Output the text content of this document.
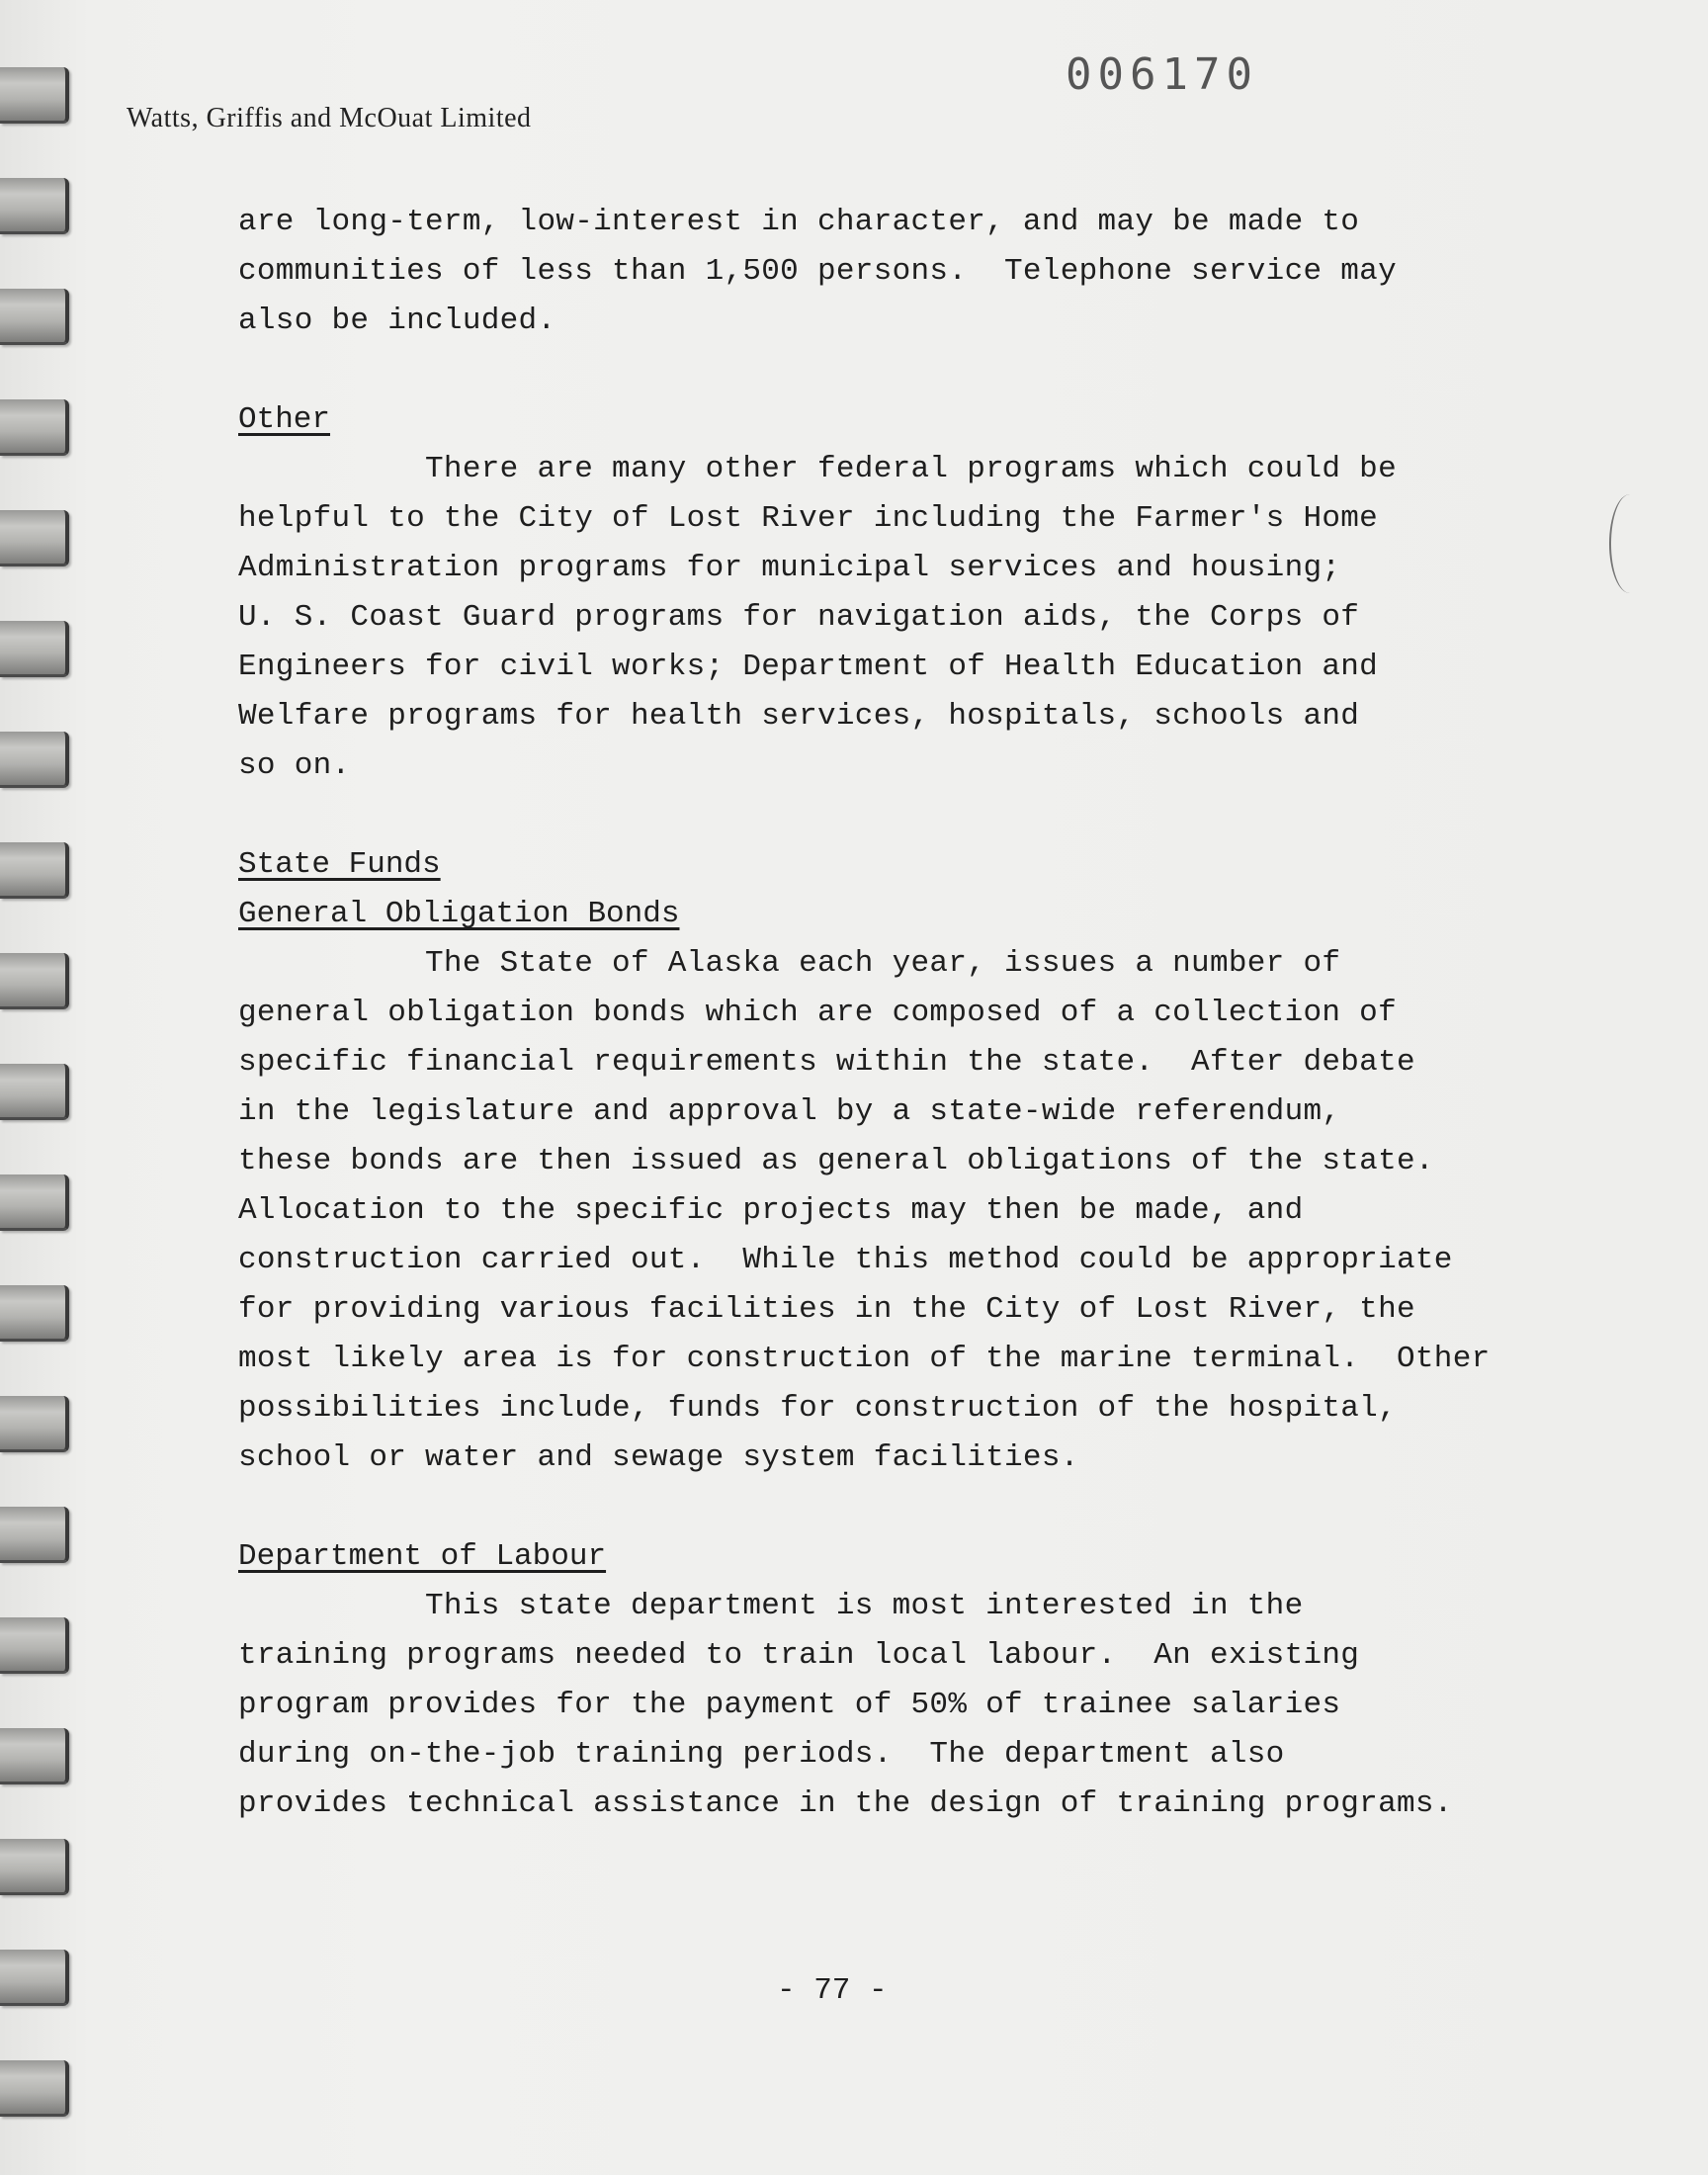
006170
Watts, Griffis and McOuat Limited
are long-term, low-interest in character, and may be made to
communities of less than 1,500 persons.  Telephone service may
also be included.
Other
There are many other federal programs which could be
helpful to the City of Lost River including the Farmer's Home
Administration programs for municipal services and housing;
U. S. Coast Guard programs for navigation aids, the Corps of
Engineers for civil works; Department of Health Education and
Welfare programs for health services, hospitals, schools and
so on.
State Funds
General Obligation Bonds
The State of Alaska each year, issues a number of
general obligation bonds which are composed of a collection of
specific financial requirements within the state.  After debate
in the legislature and approval by a state-wide referendum,
these bonds are then issued as general obligations of the state.
Allocation to the specific projects may then be made, and
construction carried out.  While this method could be appropriate
for providing various facilities in the City of Lost River, the
most likely area is for construction of the marine terminal.  Other
possibilities include, funds for construction of the hospital,
school or water and sewage system facilities.
Department of Labour
This state department is most interested in the
training programs needed to train local labour.  An existing
program provides for the payment of 50% of trainee salaries
during on-the-job training periods.  The department also
provides technical assistance in the design of training programs.
- 77 -
